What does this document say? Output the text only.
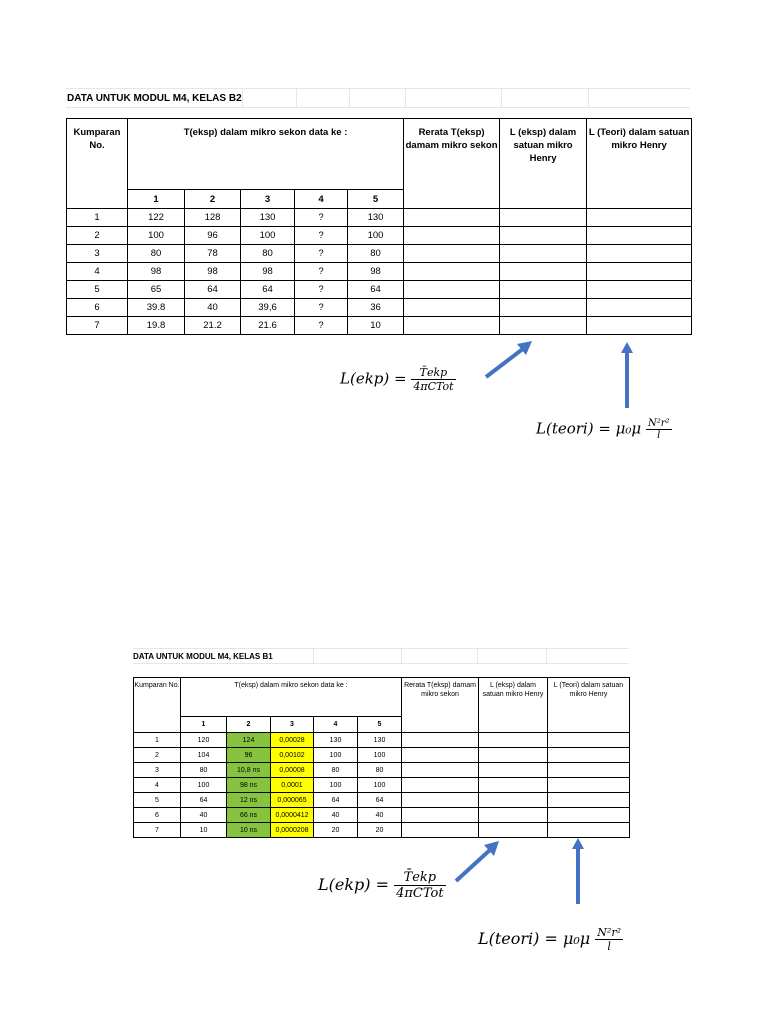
DATA UNTUK MODUL M4, KELAS B2
Kumparan No.	T(eksp) dalam mikro sekon data ke :					Rerata T(eksp) damam mikro sekon	L (eksp) dalam satuan mikro Henry	L (Teori) dalam satuan mikro Henry
	1	2	3	4	5			
1	122	128	130	?	130			
2	100	96	100	?	100			
3	80	78	80	?	80			
4	98	98	98	?	98			
5	65	64	64	?	64			
6	39.8	40	39,6	?	36			
7	19.8	21.2	21.6	?	10			
$L(ekp) = \frac{\text{T̄ekp}}{\text{4πCTot}}$
L(teori) = $\mu_0\mu \frac{\text{N²r²}}{l}$
DATA UNTUK MODUL M4, KELAS B1
Kumparan No.	T(eksp) dalam mikro sekon data ke :					Rerata T(eksp) damam mikro sekon	L (eksp) dalam satuan mikro Henry	L (Teori) dalam satuan mikro Henry
	1	2	3	4	5			
1	120	124	0,00028	130	130			
2	104	96	0,00102	100	100			
3	80	10,8 ns	0,00008	80	80			
4	100	98 ns	0,0001	100	100			
5	64	12 ns	0,000065	64	64			
6	40	66 ns	0,0000412	40	40			
7	10	10 ns	0,0000208	20	20			
$L(ekp) = \frac{\text{T̄ekp}}{\text{4πCTot}}$
L(teori) = $\mu_0\mu \frac{\text{N²r²}}{l}$
